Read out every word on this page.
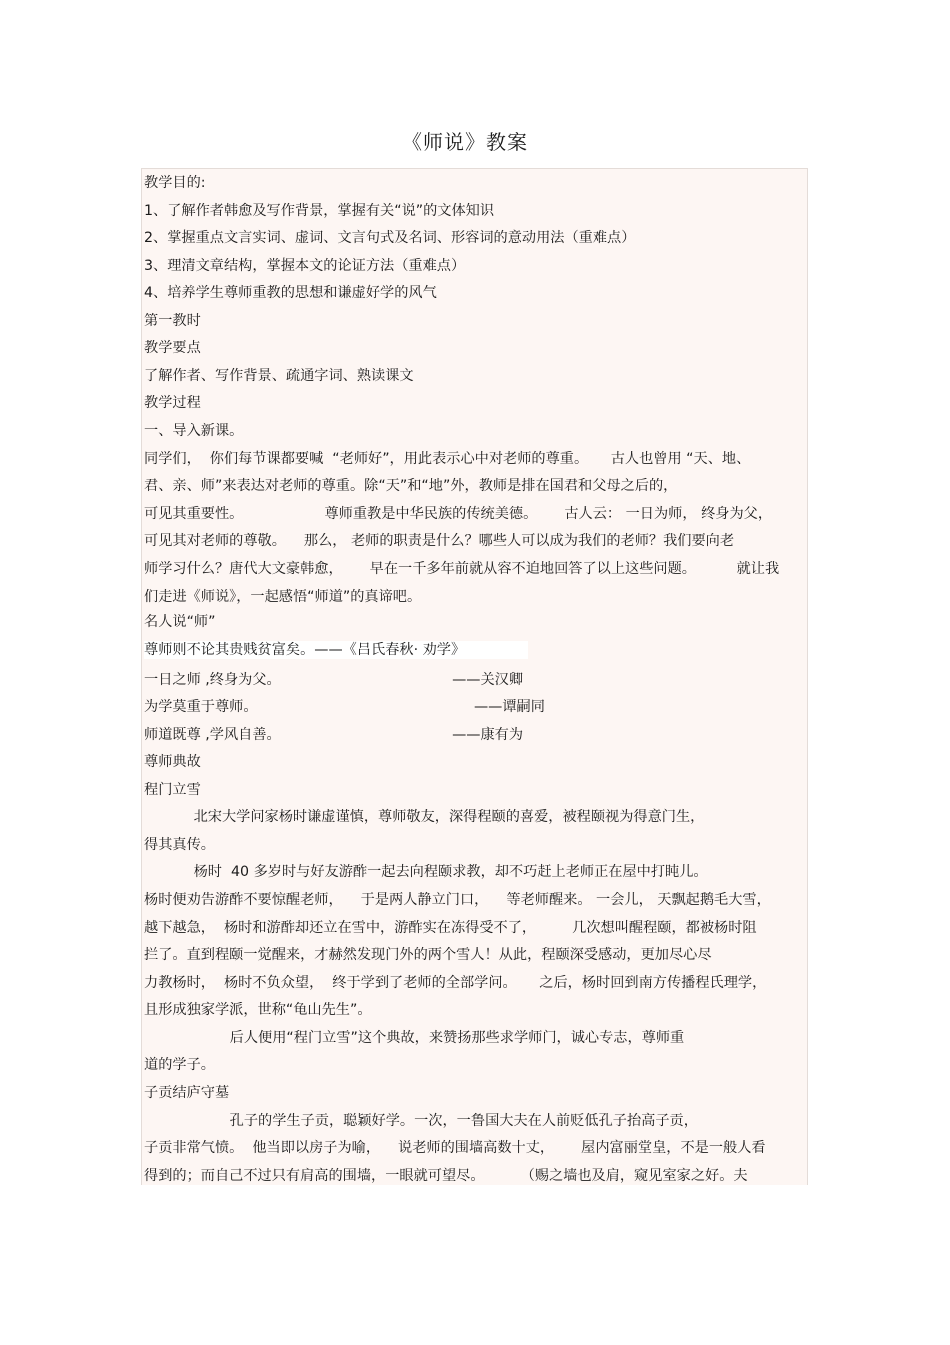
《师说》教案
教学目的:
1、了解作者韩愈及写作背景，掌握有关“说”的文体知识
2、掌握重点文言实词、虚词、文言句式及名词、形容词的意动用法（重难点）
3、理清文章结构，掌握本文的论证方法（重难点）
4、培养学生尊师重教的思想和谦虚好学的风气
第一教时
教学要点
了解作者、写作背景、疏通字词、熟读课文
教学过程
一、导入新课。
同学们，  你们每节课都要喊  “老师好”，用此表示心中对老师的尊重。     古人也曾用 “天、地、
君、亲、师”来表达对老师的尊重。除“天”和“地”外，教师是排在国君和父母之后的，
可见其重要性。                  尊师重教是中华民族的传统美德。      古人云： 一日为师， 终身为父，
可见其对老师的尊敬。    那么， 老师的职责是什么？哪些人可以成为我们的老师？我们要向老
师学习什么？唐代大文豪韩愈，      早在一千多年前就从容不迫地回答了以上这些问题。         就让我
们走进《师说》，一起感悟“师道”的真谛吧。
名人说“师”
尊师则不论其贵贱贫富矣。——《吕氏春秋· 劝学》
一日之师 ,终身为父。                                      ——关汉卿
为学莫重于尊师。                                                ——谭嗣同
师道既尊 ,学风自善。                                      ——康有为
尊师典故
程门立雪
北宋大学问家杨时谦虚谨慎，尊师敬友，深得程颐的喜爱，被程颐视为得意门生，
得其真传。
杨时  40 多岁时与好友游酢一起去向程颐求教，却不巧赶上老师正在屋中打盹儿。
杨时便劝告游酢不要惊醒老师，    于是两人静立门口，    等老师醒来。 一会儿， 天飘起鹅毛大雪，
越下越急，  杨时和游酢却还立在雪中，游酢实在冻得受不了，        几次想叫醒程颐，都被杨时阻
拦了。直到程颐一觉醒来，才赫然发现门外的两个雪人！从此，程颐深受感动，更加尽心尽
力教杨时，  杨时不负众望，  终于学到了老师的全部学问。     之后，杨时回到南方传播程氏理学，
且形成独家学派，世称“龟山先生”。
后人便用“程门立雪”这个典故，来赞扬那些求学师门，诚心专志，尊师重
道的学子。
子贡结庐守墓
孔子的学生子贡，聪颖好学。一次，一鲁国大夫在人前贬低孔子抬高子贡，
子贡非常气愤。  他当即以房子为喻，    说老师的围墙高数十丈，      屋内富丽堂皇，不是一般人看
得到的；而自己不过只有肩高的围墙，一眼就可望尽。        （赐之墙也及肩，窥见室家之好。夫
